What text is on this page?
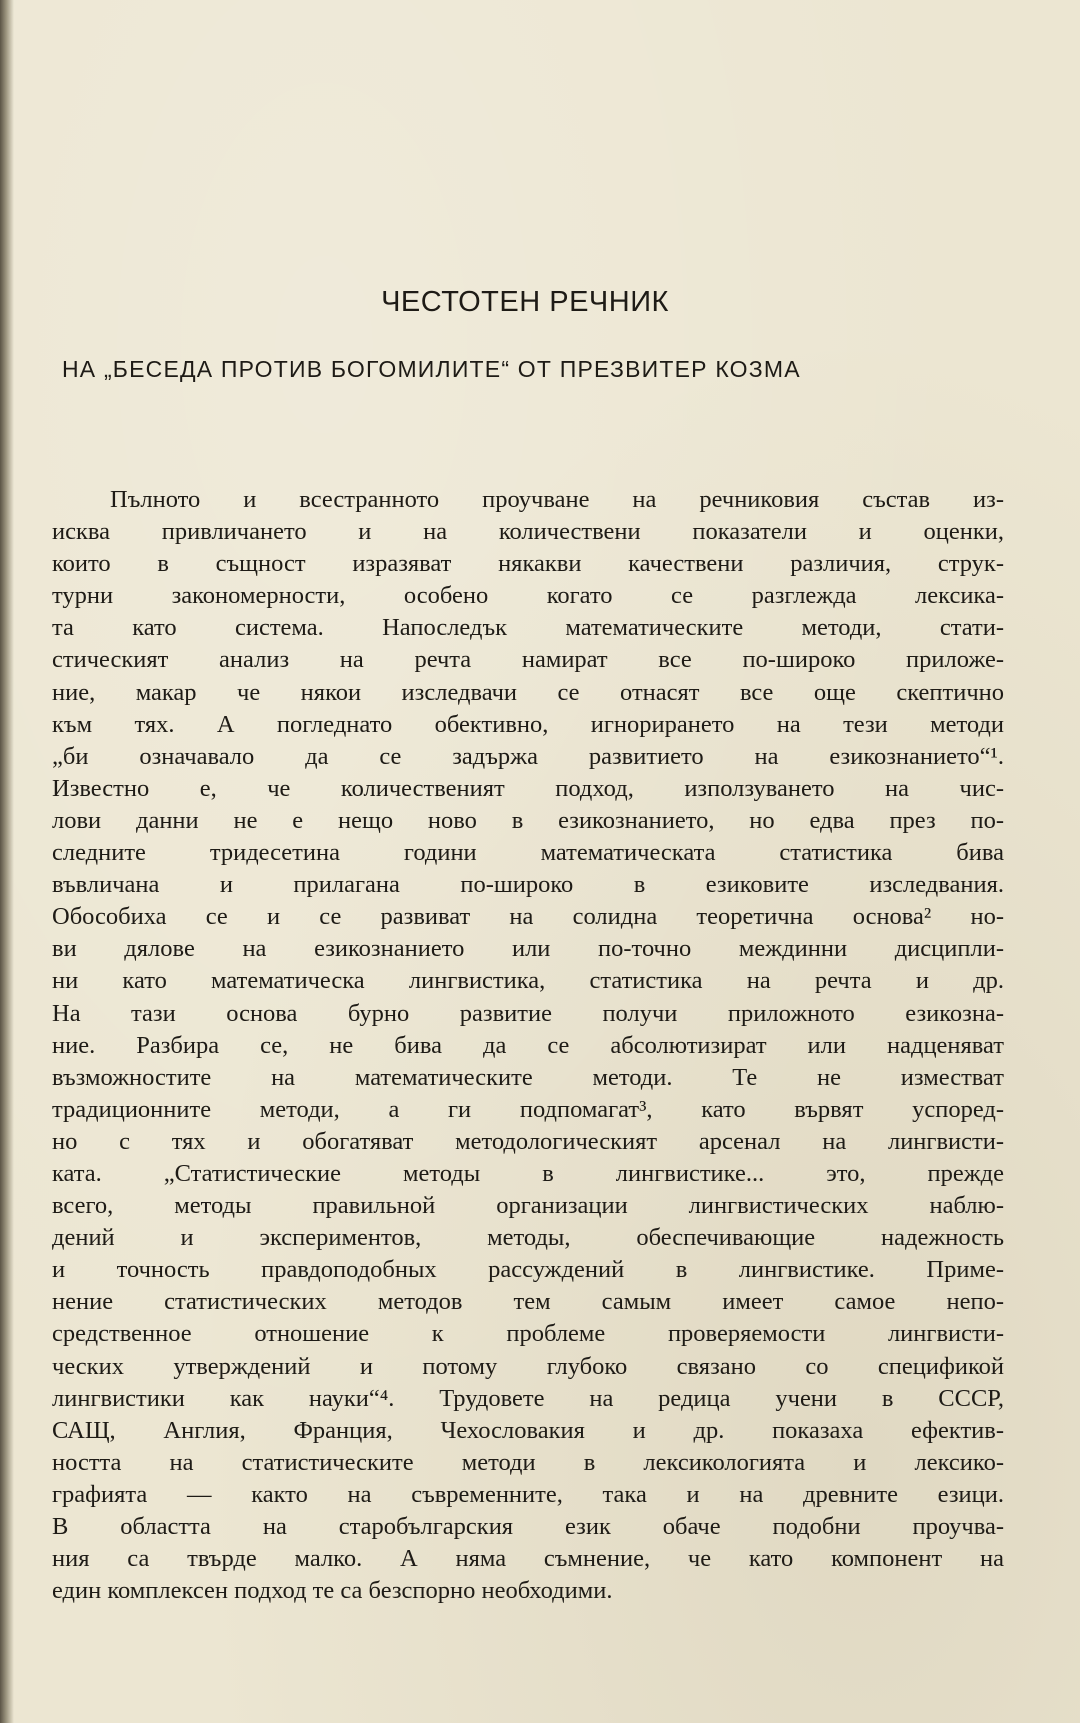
ЧЕСТОТЕН РЕЧНИК
НА „БЕСЕДА ПРОТИВ БОГОМИЛИТЕ“ ОТ ПРЕЗВИТЕР КОЗМА
Пълното и всестранното проучване на речниковия състав из-
исква привличането и на количествени показатели и оценки,
които в същност изразяват някакви качествени различия, струк-
турни закономерности, особено когато се разглежда лексика-
та като система. Напоследък математическите методи, стати-
стическият анализ на речта намират все по-широко приложе-
ние, макар че някои изследвачи се отнасят все още скептично
към тях. А погледнато обективно, игнорирането на тези методи
„би означавало да се задържа развитието на езикознанието“¹.
Известно е, че количественият подход, използуването на чис-
лови данни не е нещо ново в езикознанието, но едва през по-
следните тридесетина години математическата статистика бива
въвличана и прилагана по-широко в езиковите изследвания.
Обособиха се и се развиват на солидна теоретична основа² но-
ви дялове на езикознанието или по-точно междинни дисципли-
ни като математическа лингвистика, статистика на речта и др.
На тази основа бурно развитие получи приложното езикозна-
ние. Разбира се, не бива да се абсолютизират или надценяват
възможностите на математическите методи. Те не изместват
традиционните методи, а ги подпомагат³, като вървят успоред-
но с тях и обогатяват методологическият арсенал на лингвисти-
ката. „Статистические методы в лингвистике... это, прежде
всего, методы правильной организации лингвистических наблю-
дений и экспериментов, методы, обеспечивающие надежность
и точность правдоподобных рассуждений в лингвистике. Приме-
нение статистических методов тем самым имеет самое непо-
средственное отношение к проблеме проверяемости лингвисти-
ческих утверждений и потому глубоко связано со спецификой
лингвистики как науки“⁴. Трудовете на редица учени в СССР,
САЩ, Англия, Франция, Чехословакия и др. показаха ефектив-
ността на статистическите методи в лексикологията и лексико-
графията — както на съвременните, така и на древните езици.
В областта на старобългарския език обаче подобни проучва-
ния са твърде малко. А няма съмнение, че като компонент на
един комплексен подход те са безспорно необходими.
